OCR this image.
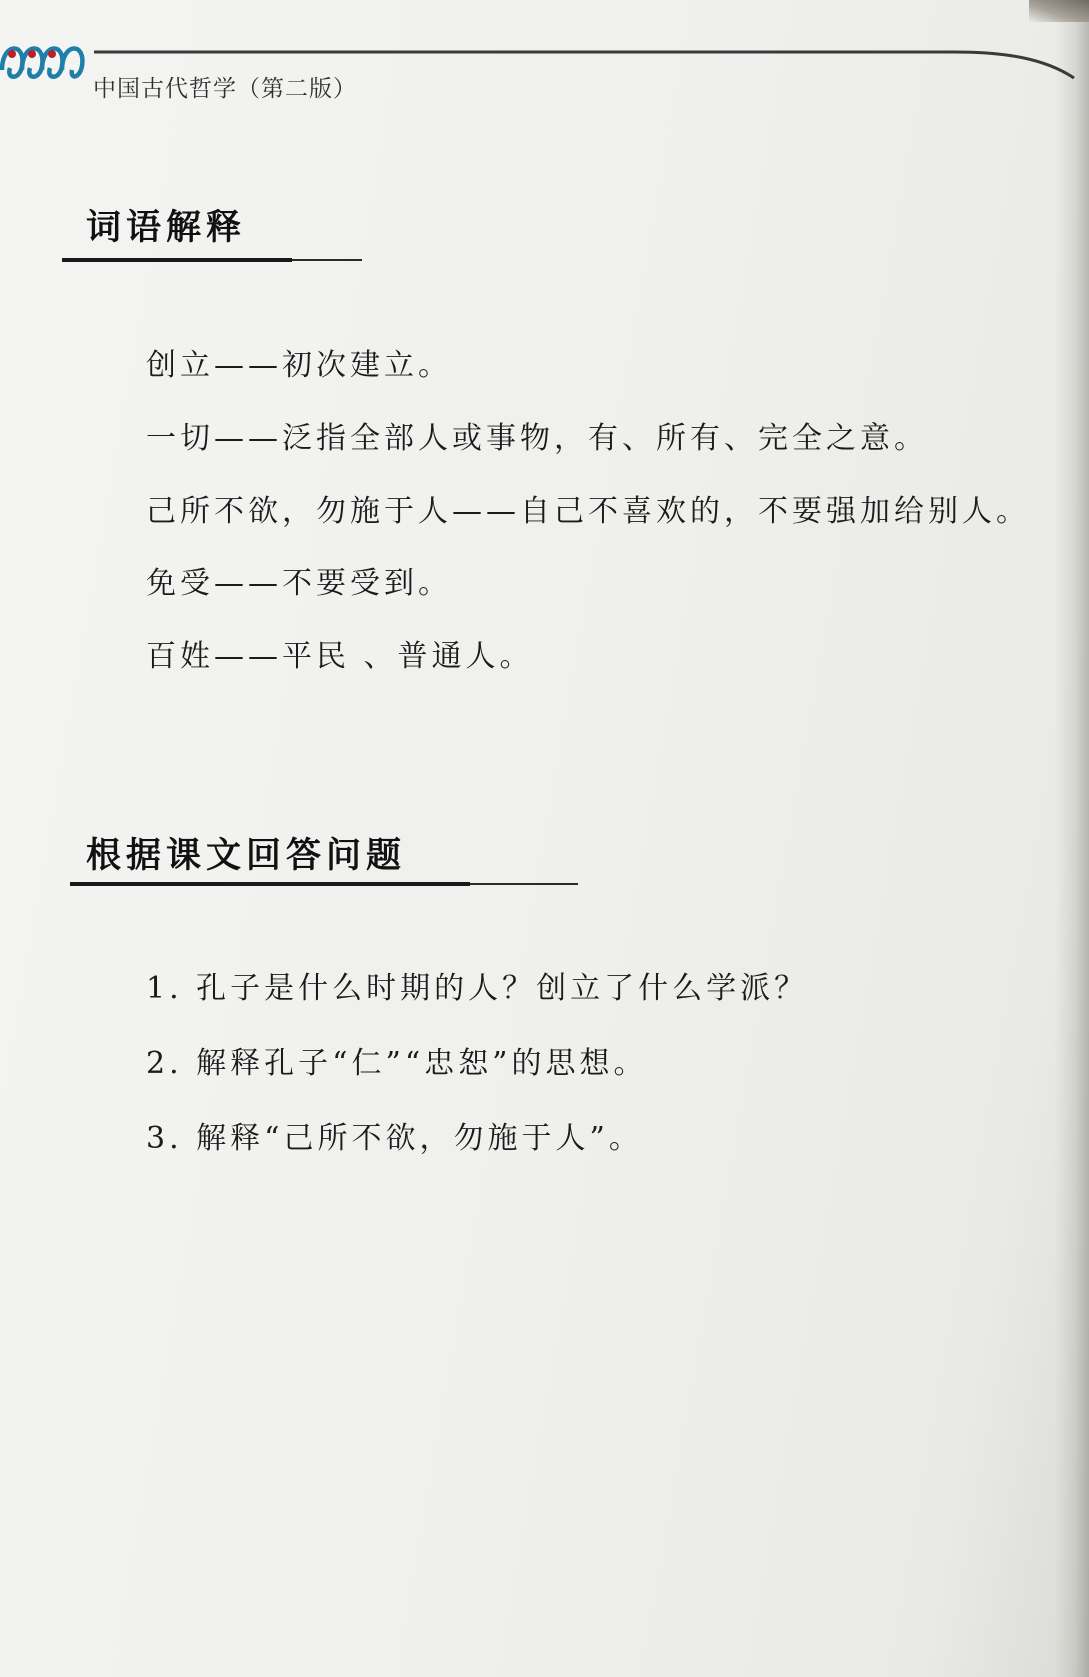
中国古代哲学（第二版）
词语解释
创立——初次建立。
一切——泛指全部人或事物，有、所有、完全之意。
己所不欲，勿施于人——自己不喜欢的，不要强加给别人。
免受——不要受到。
百姓——平民 、普通人。
根据课文回答问题
1. 孔子是什么时期的人？创立了什么学派？
2. 解释孔子“仁”“忠恕”的思想。
3. 解释“己所不欲，勿施于人”。
